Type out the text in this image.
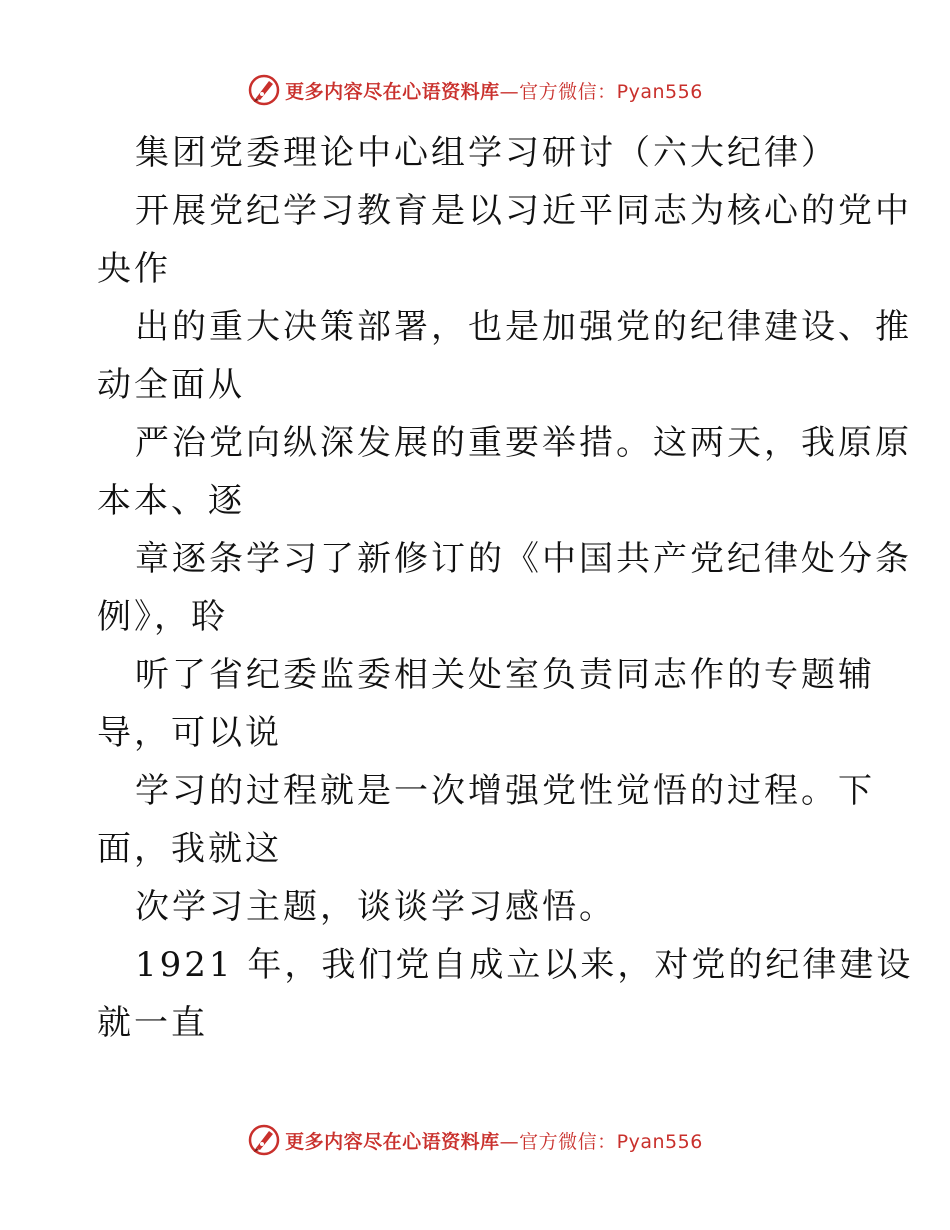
更多内容尽在心语资料库—官方微信：Pyan556
集团党委理论中心组学习研讨（六大纪律）
开展党纪学习教育是以习近平同志为核心的党中
央作
出的重大决策部署，也是加强党的纪律建设、推
动全面从
严治党向纵深发展的重要举措。这两天，我原原
本本、逐
章逐条学习了新修订的《中国共产党纪律处分条
例》，聆
听了省纪委监委相关处室负责同志作的专题辅
导，可以说
学习的过程就是一次增强党性觉悟的过程。下
面，我就这
次学习主题，谈谈学习感悟。
1921 年，我们党自成立以来，对党的纪律建设
就一直
更多内容尽在心语资料库—官方微信：Pyan556
